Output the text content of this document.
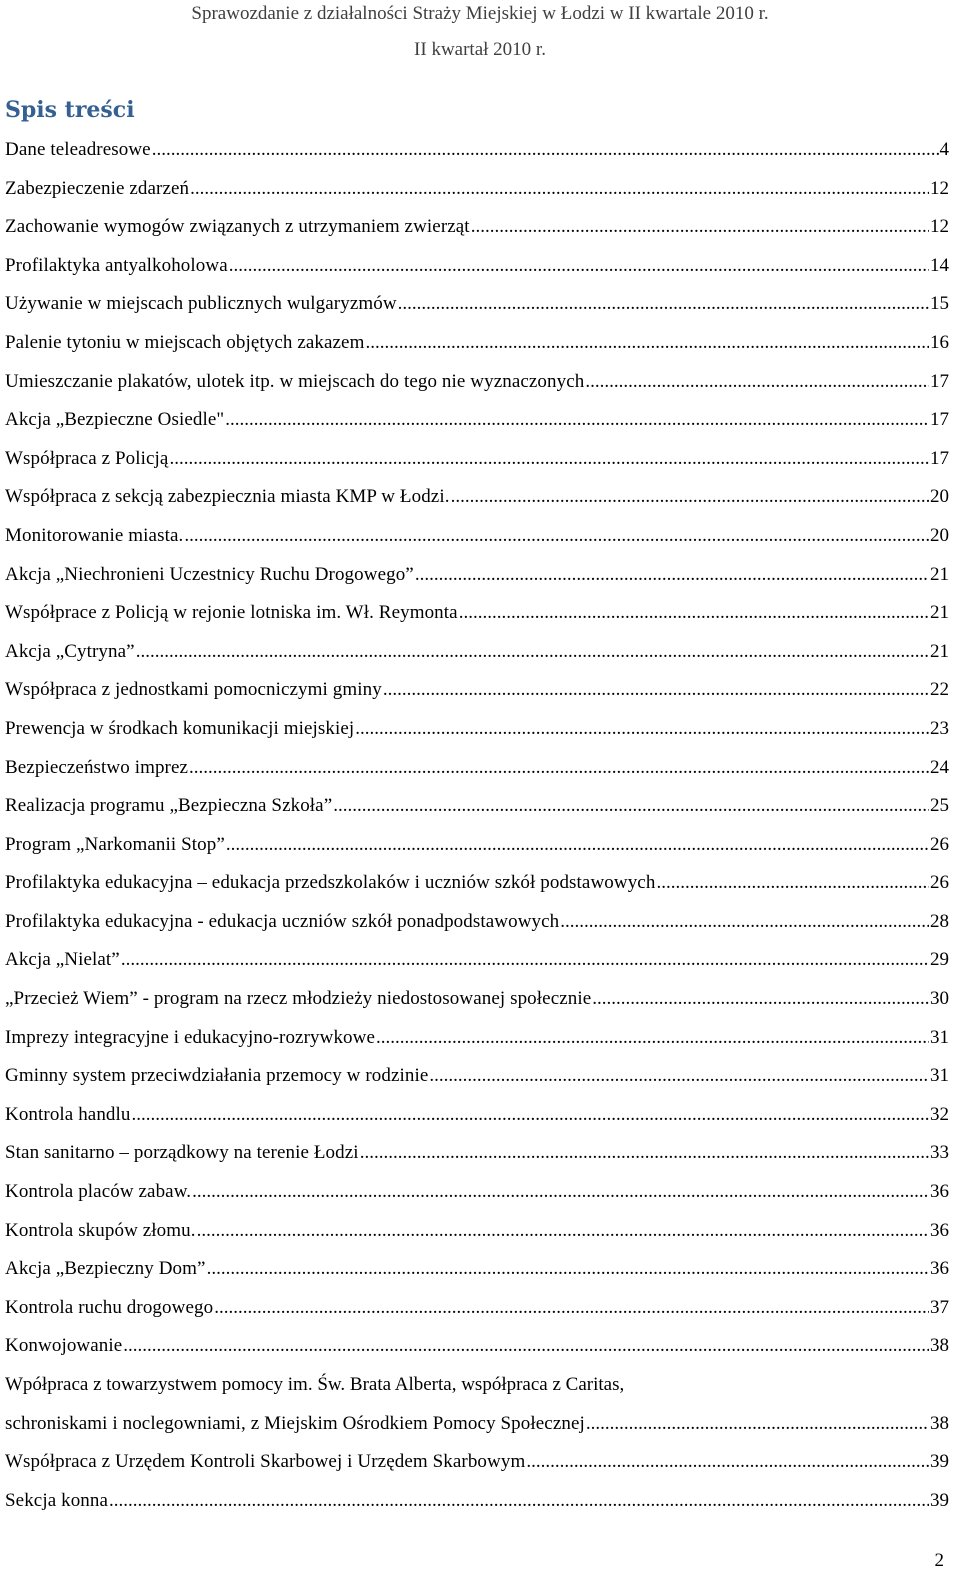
Sprawozdanie z działalności Straży Miejskiej w Łodzi w II kwartale 2010 r.
II kwartał 2010 r.
Spis treści
Dane teleadresowe .....	4
Zabezpieczenie zdarzeń .....	12
Zachowanie wymogów związanych z utrzymaniem zwierząt .....	12
Profilaktyka antyalkoholowa .....	14
Używanie w miejscach publicznych wulgaryzmów .....	15
Palenie tytoniu w miejscach objętych zakazem .....	16
Umieszczanie plakatów, ulotek itp. w miejscach do tego nie wyznaczonych .....	17
Akcja „Bezpieczne Osiedle" .....	17
Współpraca z Policją .....	17
Współpraca z sekcją zabezpiecznia miasta KMP w Łodzi. .....	20
Monitorowanie miasta. .....	20
Akcja „Niechronieni Uczestnicy Ruchu Drogowego” .....	21
Współprace z Policją w rejonie lotniska im. Wł. Reymonta .....	21
Akcja „Cytryna” .....	21
Współpraca z jednostkami pomocniczymi gminy .....	22
Prewencja w środkach komunikacji miejskiej .....	23
Bezpieczeństwo imprez .....	24
Realizacja programu „Bezpieczna Szkoła” .....	25
Program „Narkomanii Stop” .....	26
Profilaktyka edukacyjna – edukacja przedszkolaków i uczniów szkół podstawowych .....	26
Profilaktyka edukacyjna - edukacja uczniów szkół ponadpodstawowych .....	28
Akcja „Nielat” .....	29
„Przecież Wiem” - program na rzecz młodzieży niedostosowanej społecznie .....	30
Imprezy integracyjne i edukacyjno-rozrywkowe .....	31
Gminny system przeciwdziałania przemocy w rodzinie .....	31
Kontrola handlu .....	32
Stan sanitarno – porządkowy na terenie Łodzi .....	33
Kontrola placów zabaw. .....	36
Kontrola skupów złomu. .....	36
Akcja „Bezpieczny Dom” .....	36
Kontrola ruchu drogowego .....	37
Konwojowanie .....	38
Wpółpraca z towarzystwem pomocy im. Św. Brata Alberta, współpraca z Caritas,
schroniskami i noclegowniami, z Miejskim Ośrodkiem Pomocy Społecznej .....	38
Współpraca z Urzędem Kontroli Skarbowej i Urzędem Skarbowym .....	39
Sekcja konna .....	39
2
